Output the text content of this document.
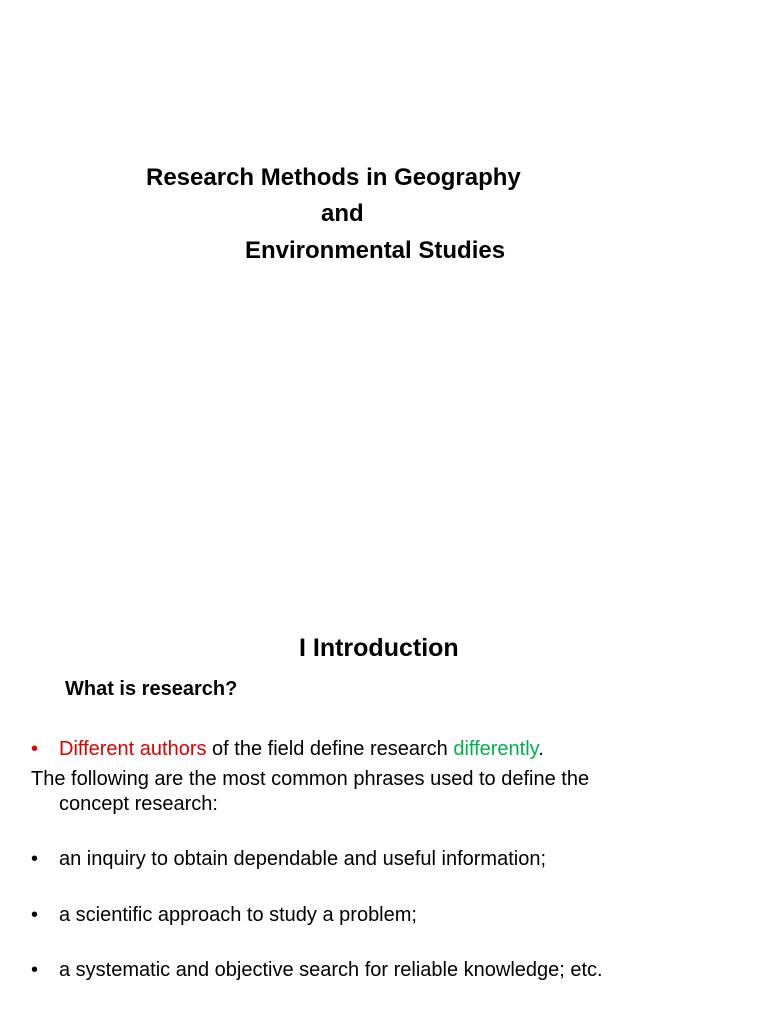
Research Methods in Geography
and
Environmental Studies
I Introduction
What is research?
• Different authors of the field define research differently.
The following are the most common phrases used to define the
concept research:
• an inquiry to obtain dependable and useful information;
• a scientific approach to study a problem;
• a systematic and objective search for reliable knowledge; etc.
